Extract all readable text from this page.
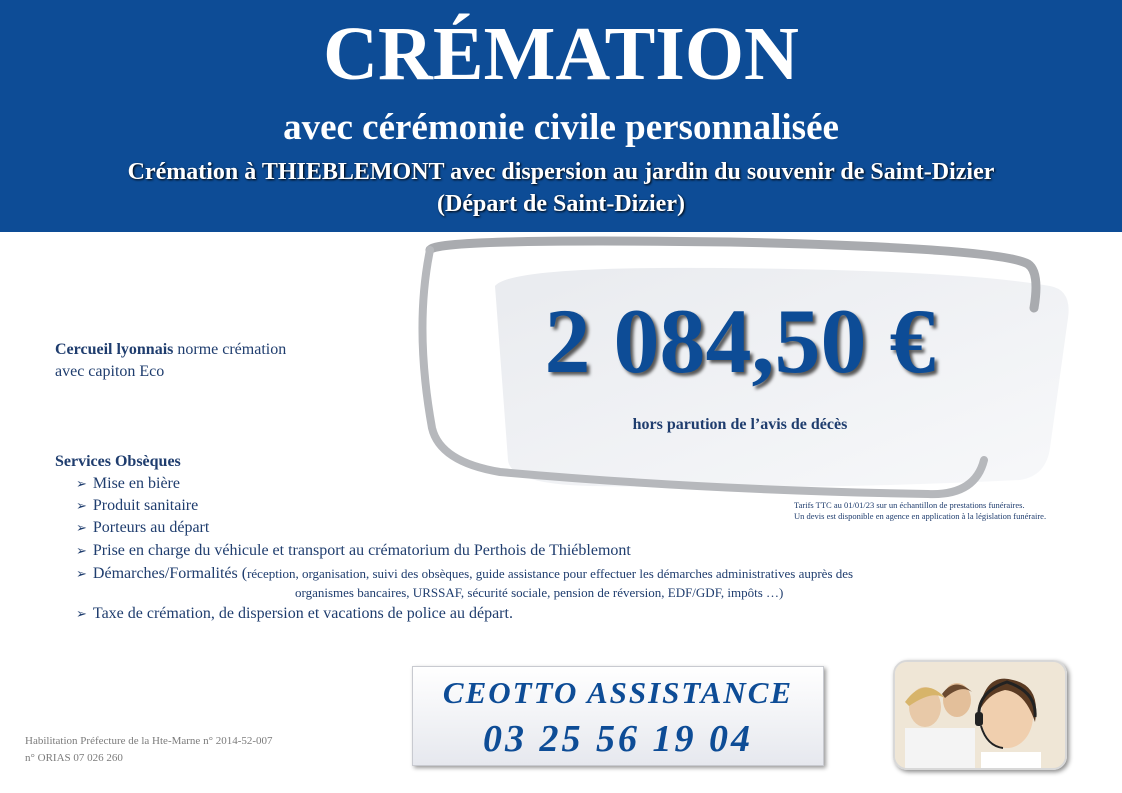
CRÉMATION
avec cérémonie civile personnalisée
Crémation à THIEBLEMONT avec dispersion au jardin du souvenir de Saint-Dizier
(Départ de Saint-Dizier)
2 084,50 €
hors parution de l’avis de décès
Tarifs TTC au 01/01/23 sur un échantillon de prestations funéraires.
Un devis est disponible en agence en application à la législation funéraire.
Cercueil lyonnais norme crémation
avec capiton Eco
Services Obsèques
➢ Mise en bière
➢ Produit sanitaire
➢ Porteurs au départ
➢ Prise en charge du véhicule et transport au crématorium du Perthois de Thiéblemont
➢ Démarches/Formalités (réception, organisation, suivi des obsèques, guide assistance pour effectuer les démarches administratives auprès des
organismes bancaires, URSSAF, sécurité sociale, pension de réversion, EDF/GDF, impôts …)
➢ Taxe de crémation, de dispersion et vacations de police au départ.
CEOTTO ASSISTANCE
03 25 56 19 04
Habilitation Préfecture de la Hte-Marne n° 2014-52-007
n° ORIAS 07 026 260
